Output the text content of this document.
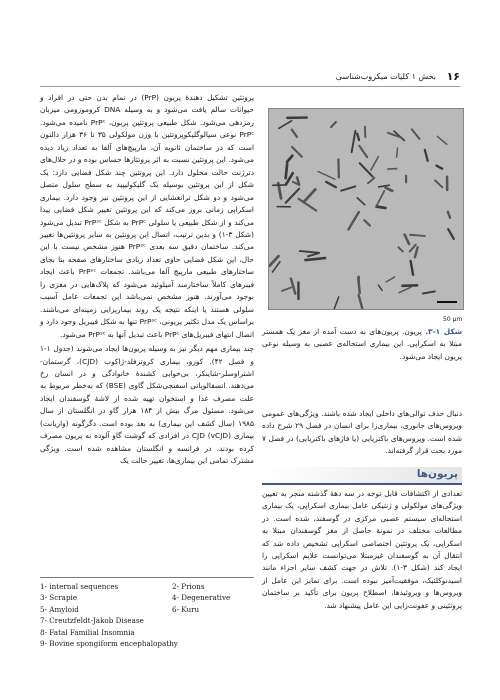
۱۶
بخش ۱ کلیات میکروب‌شناسی
50 μm

شکل ۱-۳. پریون. پریون‌های به دست آمده از مغز یک همستر مبتلا به اسکراپی. این بیماری استحاله‌ی عصبی به وسیله نوعی پریون ایجاد می‌شود.

پروتئین تشکیل دهندهٔ پریون (PrP) در تمام بدن حتی در افراد و حیوانات سالم یافت می‌شود و به وسیله DNA کروموزومی میزبان رمزدهی می‌شود. شکل طبیعی پروتئین پریون، PrPᶜ نامیده می‌شود. PrPᶜ نوعی سیالوگلیکوپروتئین با وزن مولکولی ۳۵ تا ۳۶ هزار دالتون است که در ساختمان ثانویه آن، مارپیچ‌های آلفا به تعداد زیاد دیده می‌شود. این پروتئین نسبت به اثر پروتئازها حساس بوده و در حلال‌های دترژنت حالت محلول دارد. این پروتئین چند شکل فضایی دارد: یک شکل از این پروتئین بوسیله یک گلیکولیپید به سطح سلول متصل می‌شود و دو شکل ترانغشایی از این پروتئین نیز وجود دارد. بیماری اسکراپی زمانی بروز می‌کند که این پروتئین تغییر شکل فضایی پیدا می‌کند و از شکل طبیعی یا سلولی PrPᶜ به شکل PrPˢᶜ تبدیل می‌شود (شکل ۳-۱) و بدین ترتیب، اتصال این پروتئین به سایر پروتئین‌ها تغییر می‌کند. ساختمان دقیق سه بعدی PrPˢᶜ هنوز مشخص نیست با این حال، این شکل فضایی حاوی تعداد زیادی ساختارهای صفحه بتا بجای ساختارهای طبیعی مارپیچ آلفا می‌باشد. تجمعات PrPˢᶜ باعث ایجاد فیبرهای کاملاً ساختارمند آمیلوئید می‌شود که پلاک‌هایی در مغزی را بوجود می‌آورند. هنوز مشخص نمی‌باشد این تجمعات عامل آسیب سلولی هستند یا اینکه نتیجه یک روند بیماریزایی زمینه‌ای می‌باشند. براساس یک مدل تکثیر پریونی، PrPˢᶜ تنها به شکل فیبریل وجود دارد و اتصال انتهای فیبریل‌های PrPᶜ باعث تبدیل آنها به PrPˢᶜ می‌شود.

چند بیماری مهم دیگر نیز به وسیله پریون‌ها ایجاد می‌شوند (جدول ۱-۱ و فصل ۴۲). کورو، بیماری کروتزفلد-ژاکوب (CJD)، گرستمان-اشتراوسلر-شاینکر، بی‌خوابی کشندهٔ خانوادگی و در انسان رخ می‌دهند. انسفالوپاتی اسفنجی‌شکل گاوی (BSE) که به‌خطر مربوط به علت مصرف غذا و استخوان تهیه شده از لاشهٔ گوسفندان ایجاد می‌شود. مسئول مرگ بیش از ۱۸۴ هزار گاو در انگلستان از سال ۱۹۸۵ (سال کشف این بیماری) به بعد بوده است. دگرگونه (واریانت) بیماری CJD (vCJD) در افرادی که گوشت گاو آلوده به پریون مصرف کرده بودند، در فرانسه و انگلستان مشاهده شده است. ویژگی مشترک تمامی این بیماری‌ها، تغییر حالت یک

دنبال حذف توالی‌های داخلی ایجاد شده باشند. ویژگی‌های عمومی ویروس‌های جانوری، بیماری‌زا برای انسان در فصل ۲۹ شرح داده شده است. ویروس‌های باکتریایی (یا فاژهای باکتریایی) در فصل ۷ مورد بحث قرار گرفته‌اند.

پریون‌ها

تعدادی از اکتشافات قابل توجه در سه دههٔ گذشته منجر به تعیین ویژگی‌های مولکولی و ژنتیکی عامل بیماری اسکراپی، یک بیماری استحاله‌ای سیستم عصبی مرکزی در گوسفند، شده است. در مطالعات مختلف در نمونهٔ حاصل از مغز گوسفندان مبتلا به اسکراپی، یک پروتئین اختصاصی اسکراپی تشخیص داده شد که انتقال آن به گوسفندان غیرمبتلا می‌توانست علایم اسکراپی را ایجاد کند (شکل ۳-۱). تلاش در جهت کشف سایر اجزاء مانند اسیدنوکلئیک، موفقیت‌آمیز نبوده است. برای تمایز این عامل از ویروس‌ها و ویروئیدها، اصطلاح پریون برای تأکید بر ساختمان پروتئینی و عفونت‌زایی این عامل پیشنهاد شد.

1- internal sequences	2- Prions
3- Scrapie	4- Degenerative
5- Amyloid	6- Kuru
7- Creutzfeldt-Jakob Disease
8- Fatal Familial Insomnia
9- Bovine spongiform encephalopathy
